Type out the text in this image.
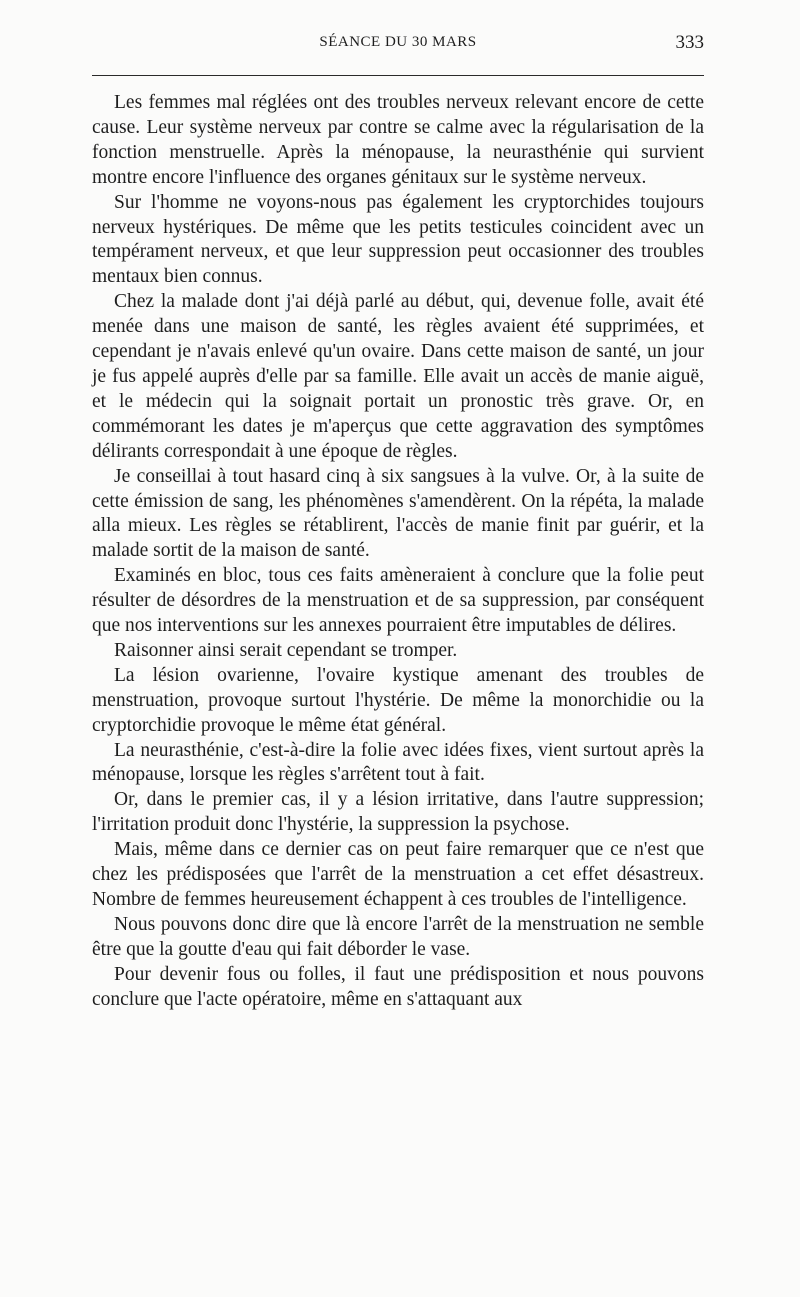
SÉANCE DU 30 MARS	333

Les femmes mal réglées ont des troubles nerveux relevant encore de cette cause. Leur système nerveux par contre se calme avec la régularisation de la fonction menstruelle. Après la ménopause, la neurasthénie qui survient montre encore l'influence des organes génitaux sur le système nerveux.

Sur l'homme ne voyons-nous pas également les cryptorchides toujours nerveux hystériques. De même que les petits testicules coincident avec un tempérament nerveux, et que leur suppression peut occasionner des troubles mentaux bien connus.

Chez la malade dont j'ai déjà parlé au début, qui, devenue folle, avait été menée dans une maison de santé, les règles avaient été supprimées, et cependant je n'avais enlevé qu'un ovaire. Dans cette maison de santé, un jour je fus appelé auprès d'elle par sa famille. Elle avait un accès de manie aiguë, et le médecin qui la soignait portait un pronostic très grave. Or, en commémorant les dates je m'aperçus que cette aggravation des symptômes délirants correspondait à une époque de règles.

Je conseillai à tout hasard cinq à six sangsues à la vulve. Or, à la suite de cette émission de sang, les phénomènes s'amendèrent. On la répéta, la malade alla mieux. Les règles se rétablirent, l'accès de manie finit par guérir, et la malade sortit de la maison de santé.

Examinés en bloc, tous ces faits amèneraient à conclure que la folie peut résulter de désordres de la menstruation et de sa suppression, par conséquent que nos interventions sur les annexes pourraient être imputables de délires.

Raisonner ainsi serait cependant se tromper.

La lésion ovarienne, l'ovaire kystique amenant des troubles de menstruation, provoque surtout l'hystérie. De même la monorchidie ou la cryptorchidie provoque le même état général.

La neurasthénie, c'est-à-dire la folie avec idées fixes, vient surtout après la ménopause, lorsque les règles s'arrêtent tout à fait.

Or, dans le premier cas, il y a lésion irritative, dans l'autre suppression; l'irritation produit donc l'hystérie, la suppression la psychose.

Mais, même dans ce dernier cas on peut faire remarquer que ce n'est que chez les prédisposées que l'arrêt de la menstruation a cet effet désastreux. Nombre de femmes heureusement échappent à ces troubles de l'intelligence.

Nous pouvons donc dire que là encore l'arrêt de la menstruation ne semble être que la goutte d'eau qui fait déborder le vase.

Pour devenir fous ou folles, il faut une prédisposition et nous pouvons conclure que l'acte opératoire, même en s'attaquant aux
